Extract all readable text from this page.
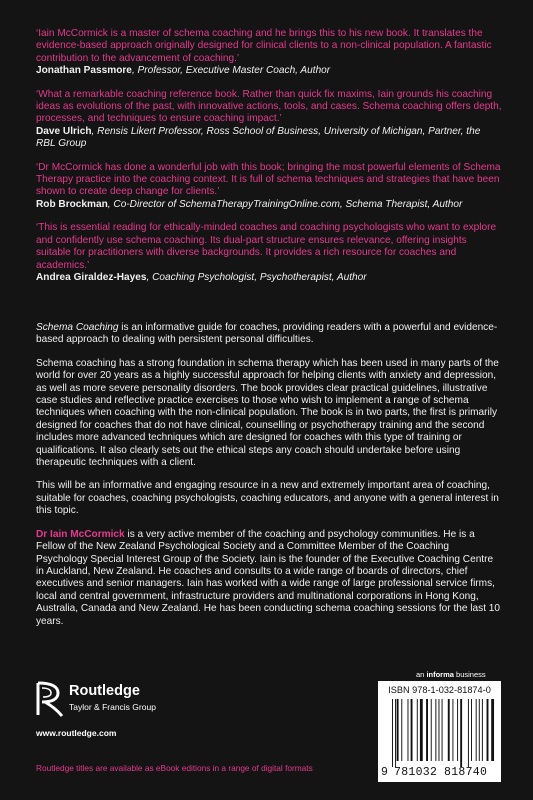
‘Iain McCormick is a master of schema coaching and he brings this to his new book. It translates the evidence-based approach originally designed for clinical clients to a non-clinical population. A fantastic contribution to the advancement of coaching.’

Jonathan Passmore, Professor, Executive Master Coach, Author

‘What a remarkable coaching reference book. Rather than quick fix maxims, Iain grounds his coaching ideas as evolutions of the past, with innovative actions, tools, and cases. Schema coaching offers depth, processes, and techniques to ensure coaching impact.’

Dave Ulrich, Rensis Likert Professor, Ross School of Business, University of Michigan, Partner, the RBL Group

‘Dr McCormick has done a wonderful job with this book; bringing the most powerful elements of Schema Therapy practice into the coaching context. It is full of schema techniques and strategies that have been shown to create deep change for clients.’

Rob Brockman, Co-Director of SchemaTherapyTrainingOnline.com, Schema Therapist, Author

‘This is essential reading for ethically-minded coaches and coaching psychologists who want to explore and confidently use schema coaching. Its dual-part structure ensures relevance, offering insights suitable for practitioners with diverse backgrounds. It provides a rich resource for coaches and academics.’

Andrea Giraldez-Hayes, Coaching Psychologist, Psychotherapist, Author

Schema Coaching is an informative guide for coaches, providing readers with a powerful and evidence-based approach to dealing with persistent personal difficulties.

Schema coaching has a strong foundation in schema therapy which has been used in many parts of the world for over 20 years as a highly successful approach for helping clients with anxiety and depression, as well as more severe personality disorders. The book provides clear practical guidelines, illustrative case studies and reflective practice exercises to those who wish to implement a range of schema techniques when coaching with the non-clinical population. The book is in two parts, the first is primarily designed for coaches that do not have clinical, counselling or psychotherapy training and the second includes more advanced techniques which are designed for coaches with this type of training or qualifications. It also clearly sets out the ethical steps any coach should undertake before using therapeutic techniques with a client.

This will be an informative and engaging resource in a new and extremely important area of coaching, suitable for coaches, coaching psychologists, coaching educators, and anyone with a general interest in this topic.

Dr Iain McCormick is a very active member of the coaching and psychology communities. He is a Fellow of the New Zealand Psychological Society and a Committee Member of the Coaching Psychology Special Interest Group of the Society. Iain is the founder of the Executive Coaching Centre in Auckland, New Zealand. He coaches and consults to a wide range of boards of directors, chief executives and senior managers. Iain has worked with a wide range of large professional service firms, local and central government, infrastructure providers and multinational corporations in Hong Kong, Australia, Canada and New Zealand. He has been conducting schema coaching sessions for the last 10 years.

Routledge
Taylor & Francis Group
www.routledge.com
Routledge titles are available as eBook editions in a range of digital formats
an informa business
ISBN 978-1-032-81874-0
9 781032 818740
